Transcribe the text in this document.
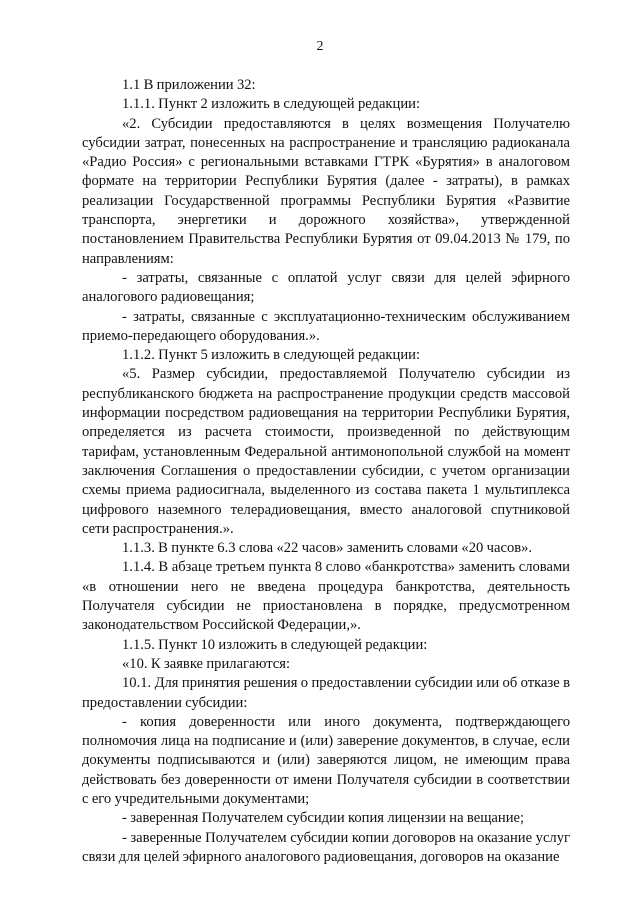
2

1.1 В приложении 32:

1.1.1. Пункт 2 изложить в следующей редакции:

«2. Субсидии предоставляются в целях возмещения Получателю субсидии затрат, понесенных на распространение и трансляцию радиоканала «Радио Россия» с региональными вставками ГТРК «Бурятия» в аналоговом формате на территории Республики Бурятия (далее - затраты), в рамках реализации Государственной программы Республики Бурятия «Развитие транспорта, энергетики и дорожного хозяйства», утвержденной постановлением Правительства Республики Бурятия от 09.04.2013 № 179, по направлениям:

- затраты, связанные с оплатой услуг связи для целей эфирного аналогового радиовещания;

- затраты, связанные с эксплуатационно-техническим обслуживанием приемо-передающего оборудования.».

1.1.2. Пункт 5 изложить в следующей редакции:

«5. Размер субсидии, предоставляемой Получателю субсидии из республиканского бюджета на распространение продукции средств массовой информации посредством радиовещания на территории Республики Бурятия, определяется из расчета стоимости, произведенной по действующим тарифам, установленным Федеральной антимонопольной службой на момент заключения Соглашения о предоставлении субсидии, с учетом организации схемы приема радиосигнала, выделенного из состава пакета 1 мультиплекса цифрового наземного телерадиовещания, вместо аналоговой спутниковой сети распространения.».

1.1.3. В пункте 6.3 слова «22 часов» заменить словами «20 часов».

1.1.4. В абзаце третьем пункта 8 слово «банкротства» заменить словами «в отношении него не введена процедура банкротства, деятельность Получателя субсидии не приостановлена в порядке, предусмотренном законодательством Российской Федерации,».

1.1.5. Пункт 10 изложить в следующей редакции:

«10. К заявке прилагаются:

10.1. Для принятия решения о предоставлении субсидии или об отказе в предоставлении субсидии:

- копия доверенности или иного документа, подтверждающего полномочия лица на подписание и (или) заверение документов, в случае, если документы подписываются и (или) заверяются лицом, не имеющим права действовать без доверенности от имени Получателя субсидии в соответствии с его учредительными документами;

- заверенная Получателем субсидии копия лицензии на вещание;

- заверенные Получателем субсидии копии договоров на оказание услуг связи для целей эфирного аналогового радиовещания, договоров на оказание
